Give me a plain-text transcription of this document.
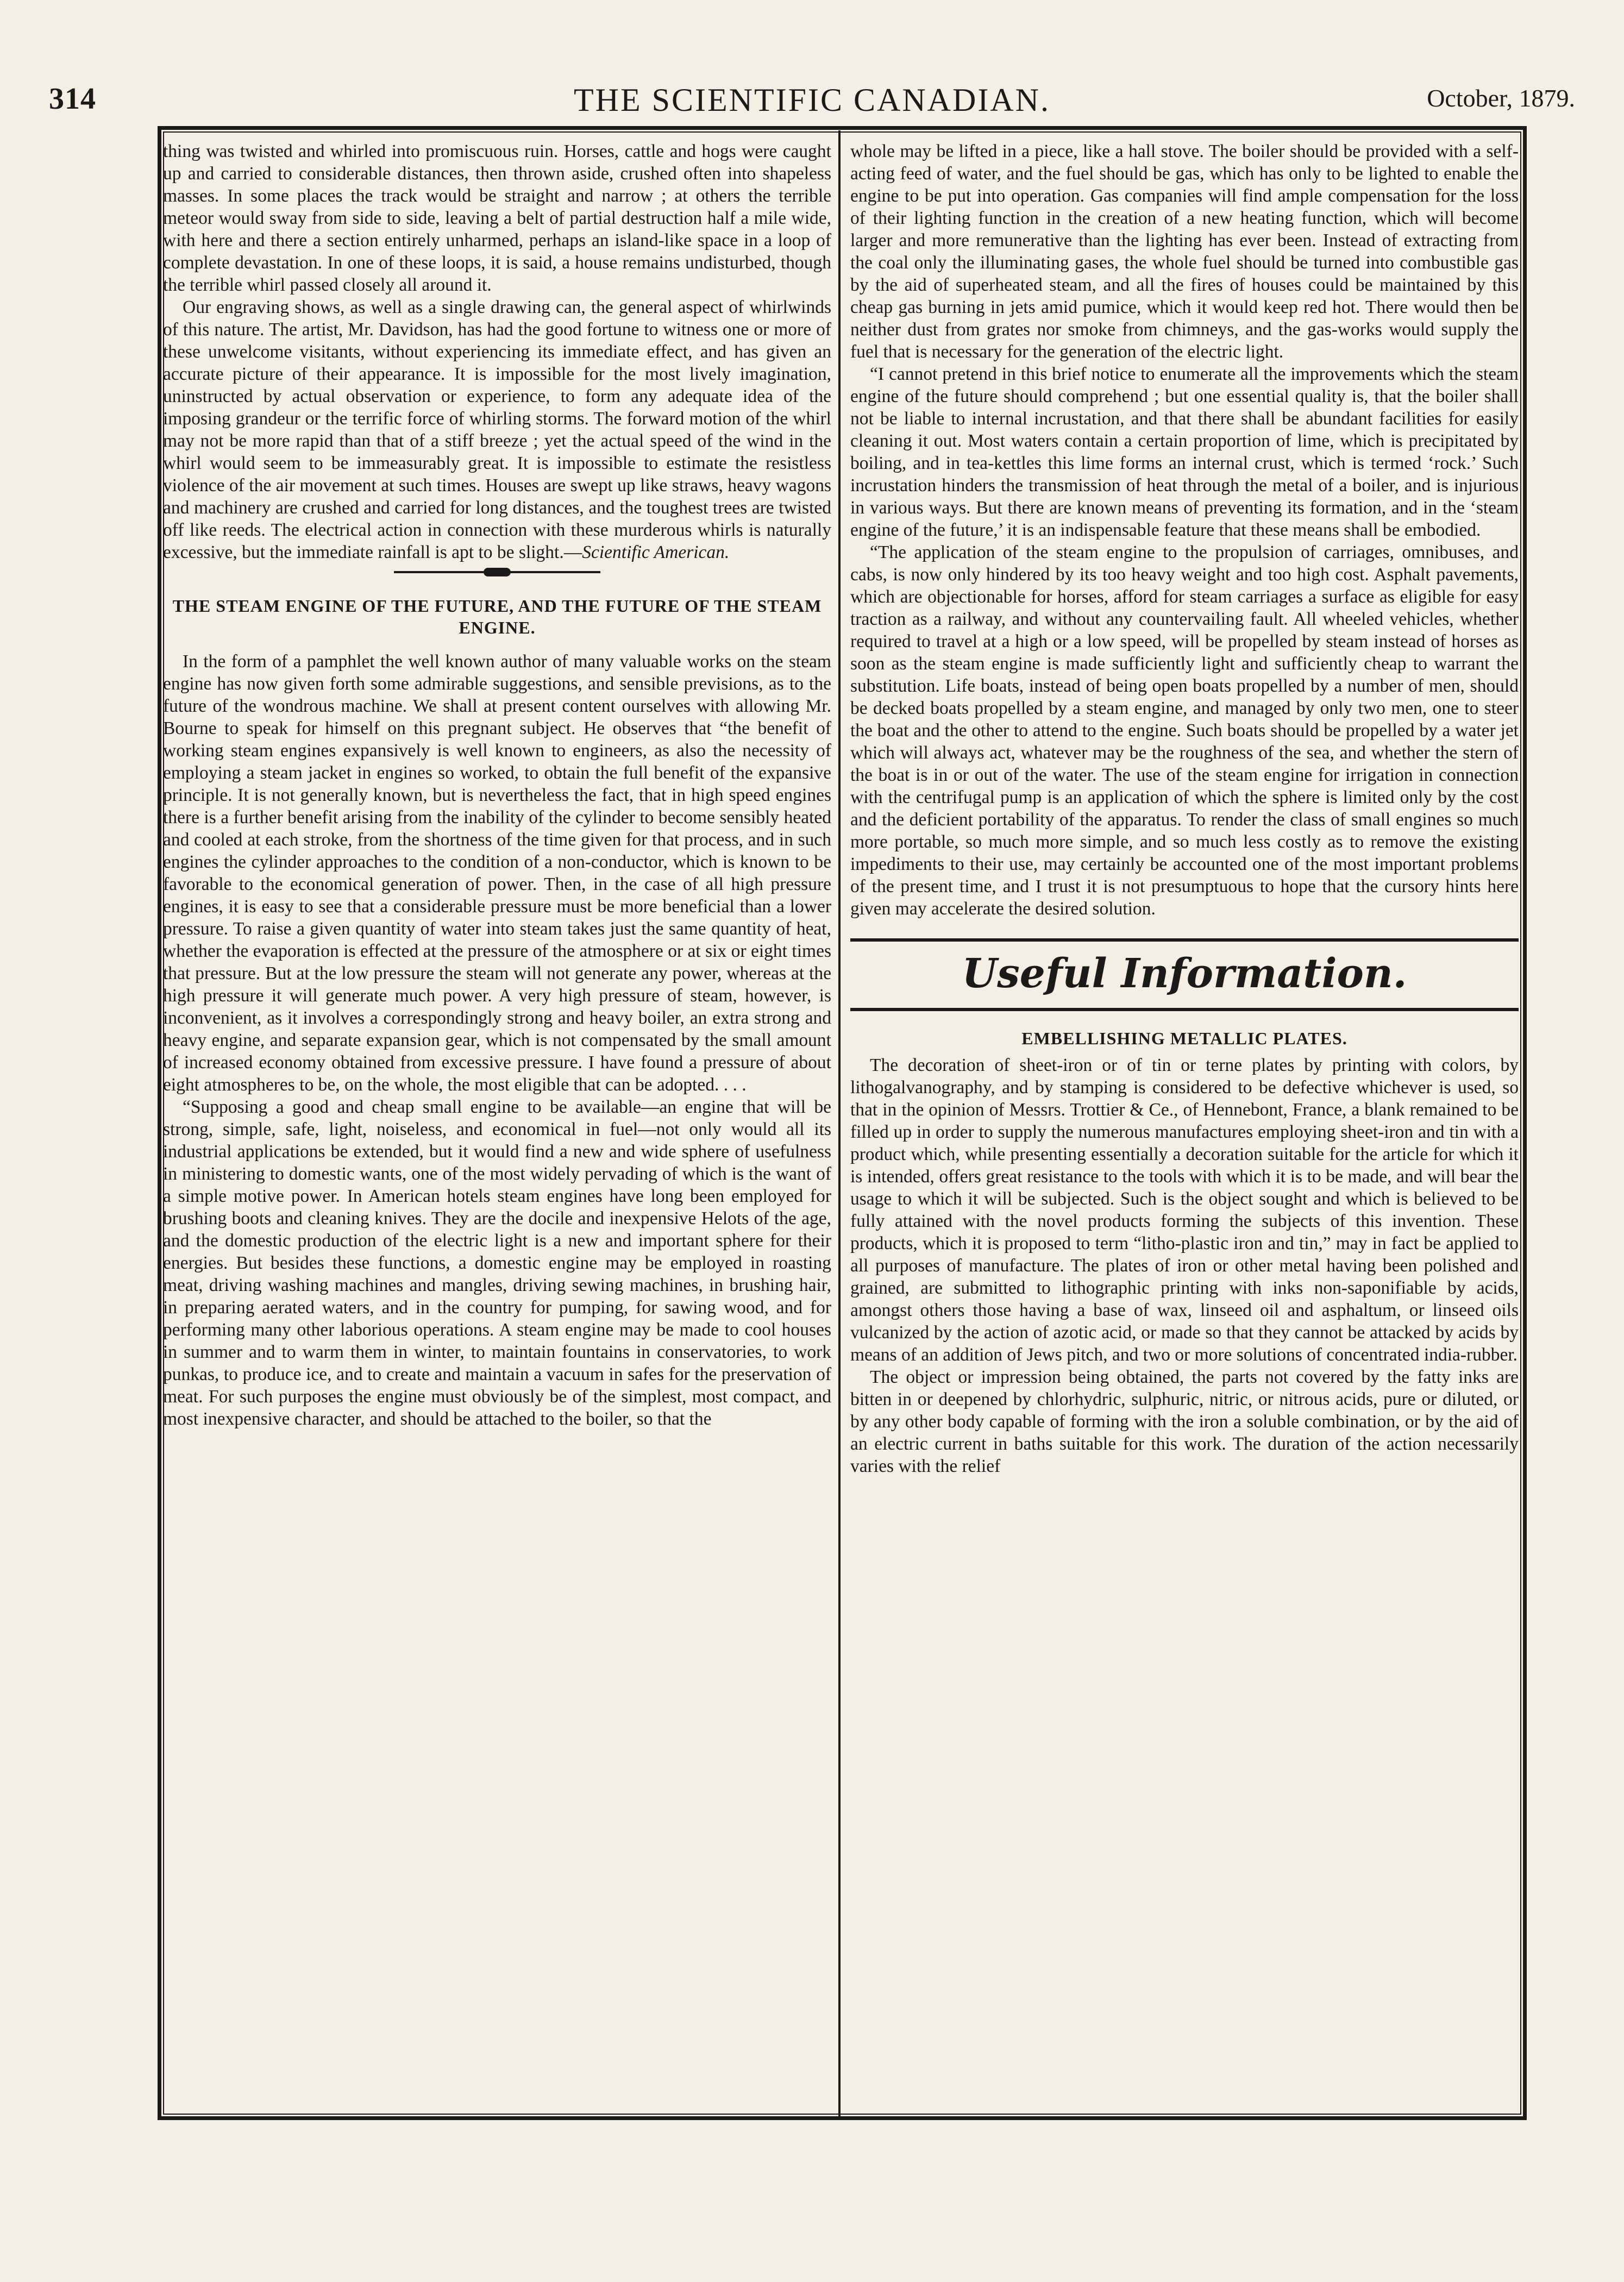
314	THE SCIENTIFIC CANADIAN.	October, 1879.

thing was twisted and whirled into promiscuous ruin. Horses, cattle and hogs were caught up and carried to considerable distances, then thrown aside, crushed often into shapeless masses. In some places the track would be straight and narrow ; at others the terrible meteor would sway from side to side, leaving a belt of partial destruction half a mile wide, with here and there a section entirely unharmed, perhaps an island-like space in a loop of complete devastation. In one of these loops, it is said, a house remains undisturbed, though the terrible whirl passed closely all around it.

Our engraving shows, as well as a single drawing can, the general aspect of whirlwinds of this nature. The artist, Mr. Davidson, has had the good fortune to witness one or more of these unwelcome visitants, without experiencing its immediate effect, and has given an accurate picture of their appearance. It is impossible for the most lively imagination, uninstructed by actual observation or experience, to form any adequate idea of the imposing grandeur or the terrific force of whirling storms. The forward motion of the whirl may not be more rapid than that of a stiff breeze ; yet the actual speed of the wind in the whirl would seem to be immeasurably great. It is impossible to estimate the resistless violence of the air movement at such times. Houses are swept up like straws, heavy wagons and machinery are crushed and carried for long distances, and the toughest trees are twisted off like reeds. The electrical action in connection with these murderous whirls is naturally excessive, but the immediate rainfall is apt to be slight.—Scientific American.

THE STEAM ENGINE OF THE FUTURE, AND THE FUTURE OF THE STEAM ENGINE.

In the form of a pamphlet the well known author of many valuable works on the steam engine has now given forth some admirable suggestions, and sensible previsions, as to the future of the wondrous machine. We shall at present content ourselves with allowing Mr. Bourne to speak for himself on this pregnant subject. He observes that “the benefit of working steam engines expansively is well known to engineers, as also the necessity of employing a steam jacket in engines so worked, to obtain the full benefit of the expansive principle. It is not generally known, but is nevertheless the fact, that in high speed engines there is a further benefit arising from the inability of the cylinder to become sensibly heated and cooled at each stroke, from the shortness of the time given for that process, and in such engines the cylinder approaches to the condition of a non-conductor, which is known to be favorable to the economical generation of power. Then, in the case of all high pressure engines, it is easy to see that a considerable pressure must be more beneficial than a lower pressure. To raise a given quantity of water into steam takes just the same quantity of heat, whether the evaporation is effected at the pressure of the atmosphere or at six or eight times that pressure. But at the low pressure the steam will not generate any power, whereas at the high pressure it will generate much power. A very high pressure of steam, however, is inconvenient, as it involves a correspondingly strong and heavy boiler, an extra strong and heavy engine, and separate expansion gear, which is not compensated by the small amount of increased economy obtained from excessive pressure. I have found a pressure of about eight atmospheres to be, on the whole, the most eligible that can be adopted. . . .

“Supposing a good and cheap small engine to be available—an engine that will be strong, simple, safe, light, noiseless, and economical in fuel—not only would all its industrial applications be extended, but it would find a new and wide sphere of usefulness in ministering to domestic wants, one of the most widely pervading of which is the want of a simple motive power. In American hotels steam engines have long been employed for brushing boots and cleaning knives. They are the docile and inexpensive Helots of the age, and the domestic production of the electric light is a new and important sphere for their energies. But besides these functions, a domestic engine may be employed in roasting meat, driving washing machines and mangles, driving sewing machines, in brushing hair, in preparing aerated waters, and in the country for pumping, for sawing wood, and for performing many other laborious operations. A steam engine may be made to cool houses in summer and to warm them in winter, to maintain fountains in conservatories, to work punkas, to produce ice, and to create and maintain a vacuum in safes for the preservation of meat. For such purposes the engine must obviously be of the simplest, most compact, and most inexpensive character, and should be attached to the boiler, so that the

whole may be lifted in a piece, like a hall stove. The boiler should be provided with a self-acting feed of water, and the fuel should be gas, which has only to be lighted to enable the engine to be put into operation. Gas companies will find ample compensation for the loss of their lighting function in the creation of a new heating function, which will become larger and more remunerative than the lighting has ever been. Instead of extracting from the coal only the illuminating gases, the whole fuel should be turned into combustible gas by the aid of superheated steam, and all the fires of houses could be maintained by this cheap gas burning in jets amid pumice, which it would keep red hot. There would then be neither dust from grates nor smoke from chimneys, and the gas-works would supply the fuel that is necessary for the generation of the electric light.

“I cannot pretend in this brief notice to enumerate all the improvements which the steam engine of the future should comprehend ; but one essential quality is, that the boiler shall not be liable to internal incrustation, and that there shall be abundant facilities for easily cleaning it out. Most waters contain a certain proportion of lime, which is precipitated by boiling, and in tea-kettles this lime forms an internal crust, which is termed ‘rock.’ Such incrustation hinders the transmission of heat through the metal of a boiler, and is injurious in various ways. But there are known means of preventing its formation, and in the ‘steam engine of the future,’ it is an indispensable feature that these means shall be embodied.

“The application of the steam engine to the propulsion of carriages, omnibuses, and cabs, is now only hindered by its too heavy weight and too high cost. Asphalt pavements, which are objectionable for horses, afford for steam carriages a surface as eligible for easy traction as a railway, and without any countervailing fault. All wheeled vehicles, whether required to travel at a high or a low speed, will be propelled by steam instead of horses as soon as the steam engine is made sufficiently light and sufficiently cheap to warrant the substitution. Life boats, instead of being open boats propelled by a number of men, should be decked boats propelled by a steam engine, and managed by only two men, one to steer the boat and the other to attend to the engine. Such boats should be propelled by a water jet which will always act, whatever may be the roughness of the sea, and whether the stern of the boat is in or out of the water. The use of the steam engine for irrigation in connection with the centrifugal pump is an application of which the sphere is limited only by the cost and the deficient portability of the apparatus. To render the class of small engines so much more portable, so much more simple, and so much less costly as to remove the existing impediments to their use, may certainly be accounted one of the most important problems of the present time, and I trust it is not presumptuous to hope that the cursory hints here given may accelerate the desired solution.

Useful Information.
EMBELLISHING METALLIC PLATES.

The decoration of sheet-iron or of tin or terne plates by printing with colors, by lithogalvanography, and by stamping is considered to be defective whichever is used, so that in the opinion of Messrs. Trottier & Ce., of Hennebont, France, a blank remained to be filled up in order to supply the numerous manufactures employing sheet-iron and tin with a product which, while presenting essentially a decoration suitable for the article for which it is intended, offers great resistance to the tools with which it is to be made, and will bear the usage to which it will be subjected. Such is the object sought and which is believed to be fully attained with the novel products forming the subjects of this invention. These products, which it is proposed to term “litho-plastic iron and tin,” may in fact be applied to all purposes of manufacture. The plates of iron or other metal having been polished and grained, are submitted to lithographic printing with inks non-saponifiable by acids, amongst others those having a base of wax, linseed oil and asphaltum, or linseed oils vulcanized by the action of azotic acid, or made so that they cannot be attacked by acids by means of an addition of Jews pitch, and two or more solutions of concentrated india-rubber.

The object or impression being obtained, the parts not covered by the fatty inks are bitten in or deepened by chlorhydric, sulphuric, nitric, or nitrous acids, pure or diluted, or by any other body capable of forming with the iron a soluble combination, or by the aid of an electric current in baths suitable for this work. The duration of the action necessarily varies with the relief
